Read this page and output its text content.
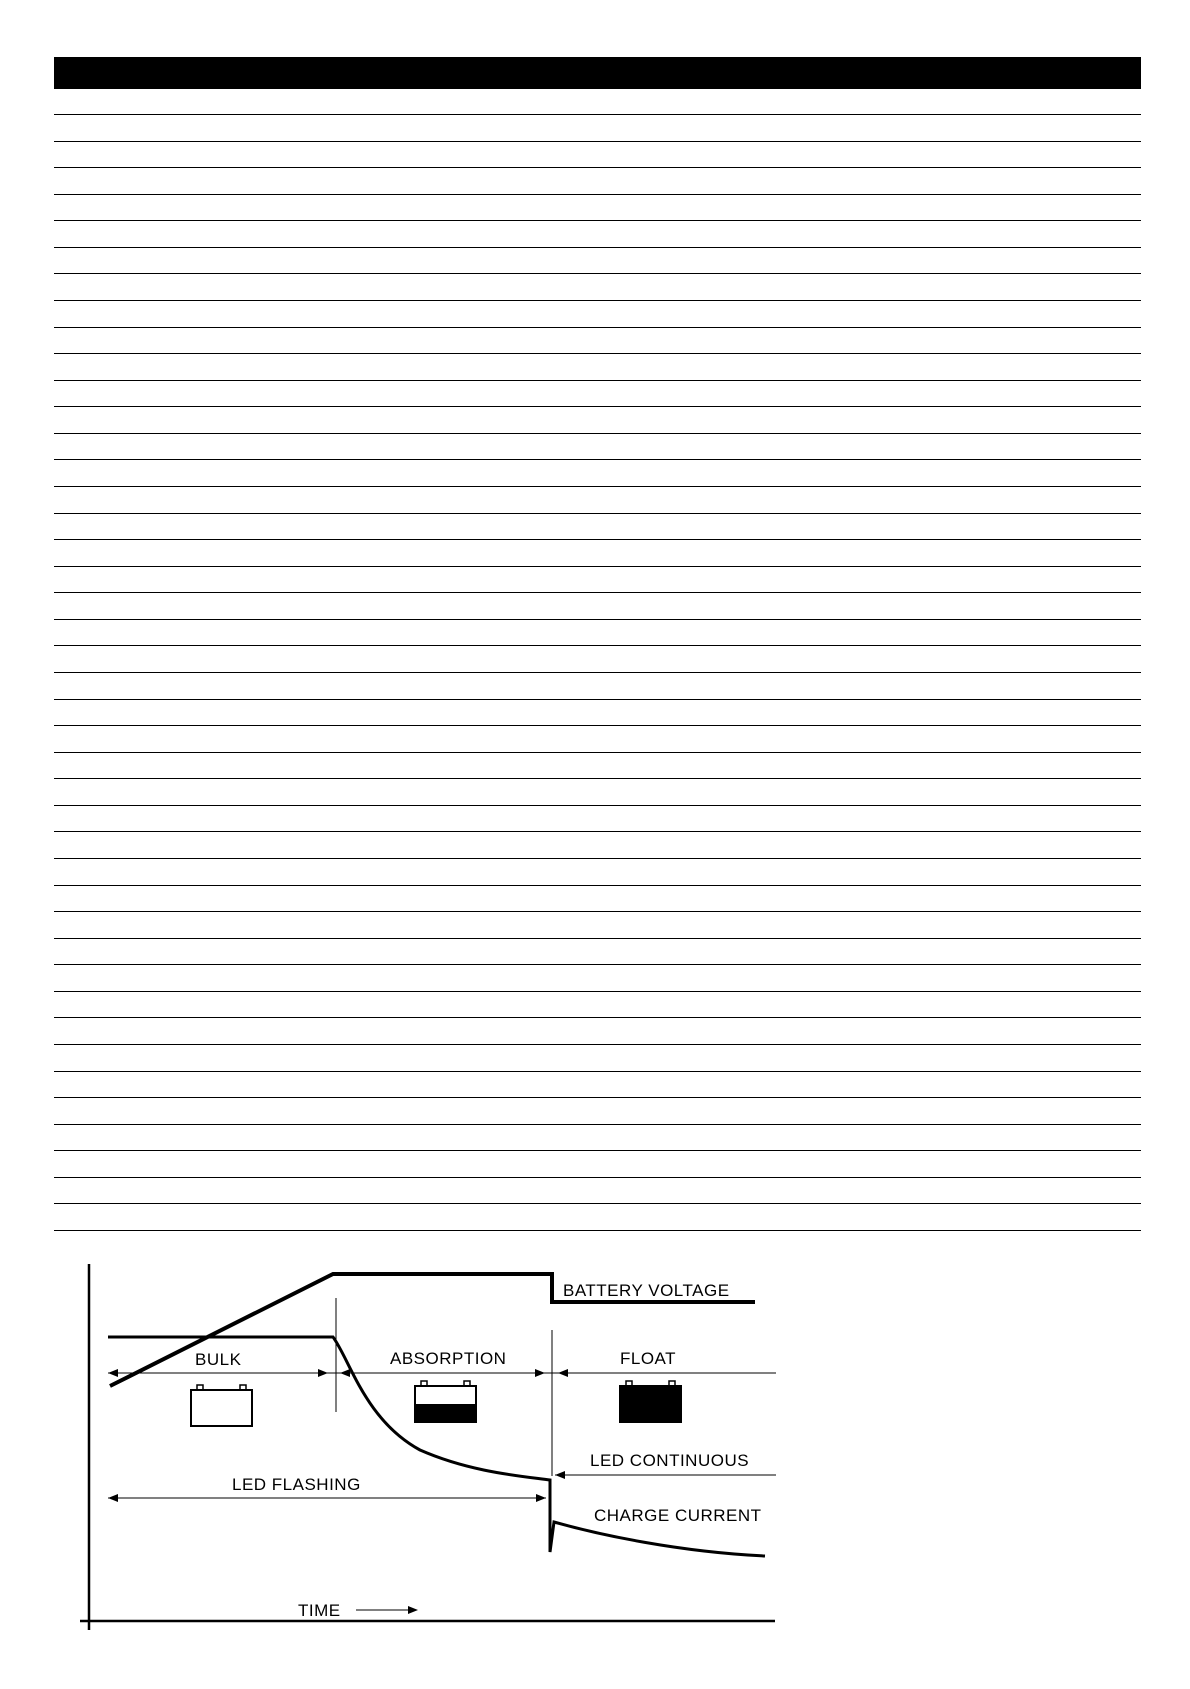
BATTERY VOLTAGE
BULK	ABSORPTION	FLOAT
LED CONTINUOUS
LED FLASHING
CHARGE CURRENT
TIME
